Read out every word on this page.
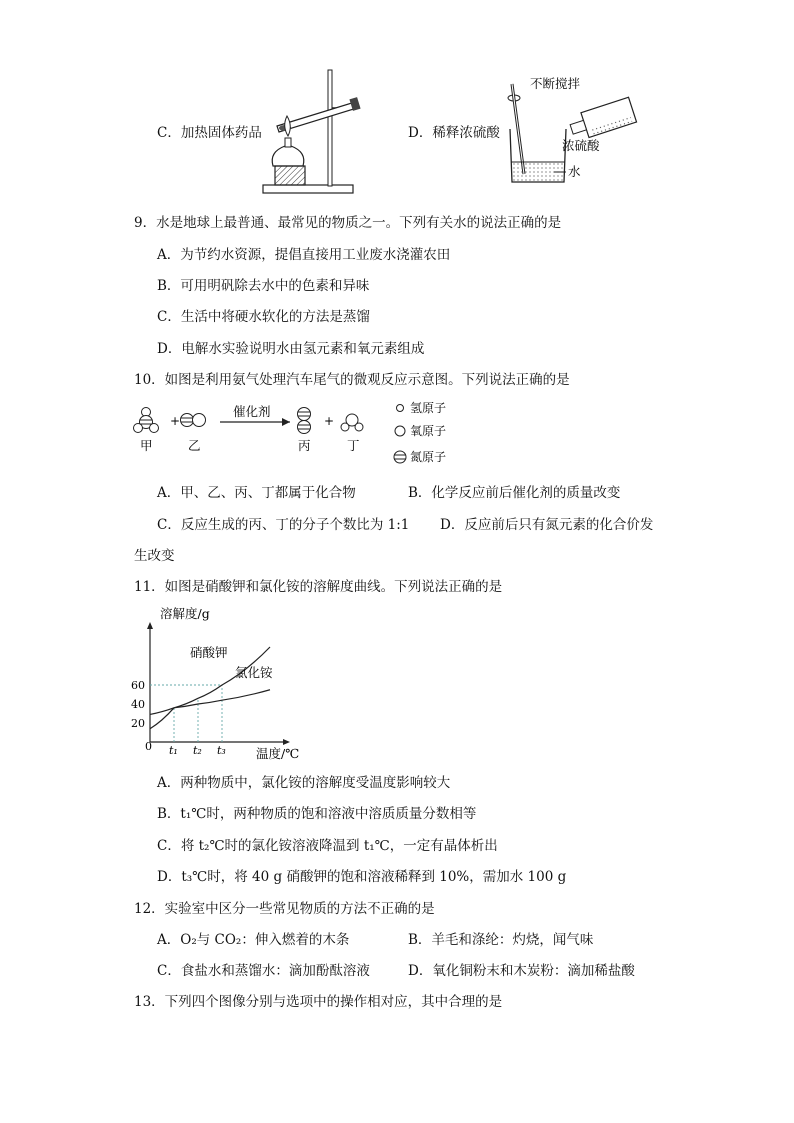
C．加热固体药品	D．稀释浓硫酸
不断搅拌
浓硫酸
水
9．水是地球上最普通、最常见的物质之一。下列有关水的说法正确的是
A．为节约水资源，提倡直接用工业废水浇灌农田
B．可用明矾除去水中的色素和异味
C．生活中将硬水软化的方法是蒸馏
D．电解水实验说明水由氢元素和氧元素组成
10．如图是利用氨气处理汽车尾气的微观反应示意图。下列说法正确的是
甲
+
乙
催化剂
丙
+
丁
氢原子
氧原子
氮原子
A．甲、乙、丙、丁都属于化合物	B．化学反应前后催化剂的质量改变
C．反应生成的丙、丁的分子个数比为 1:1 D．反应前后只有氮元素的化合价发
生改变
11．如图是硝酸钾和氯化铵的溶解度曲线。下列说法正确的是
溶解度/g
温度/℃
0
硝酸钾
氯化铵
20
40
60
t₁ t₂ t₃
A．两种物质中，氯化铵的溶解度受温度影响较大
B．t₁℃时，两种物质的饱和溶液中溶质质量分数相等
C．将 t₂℃时的氯化铵溶液降温到 t₁℃，一定有晶体析出
D．t₃℃时，将 40 g 硝酸钾的饱和溶液稀释到 10%，需加水 100 g
12．实验室中区分一些常见物质的方法不正确的是
A．O₂与 CO₂：伸入燃着的木条	B．羊毛和涤纶：灼烧，闻气味
C．食盐水和蒸馏水：滴加酚酞溶液	D．氧化铜粉末和木炭粉：滴加稀盐酸
13．下列四个图像分别与选项中的操作相对应，其中合理的是
